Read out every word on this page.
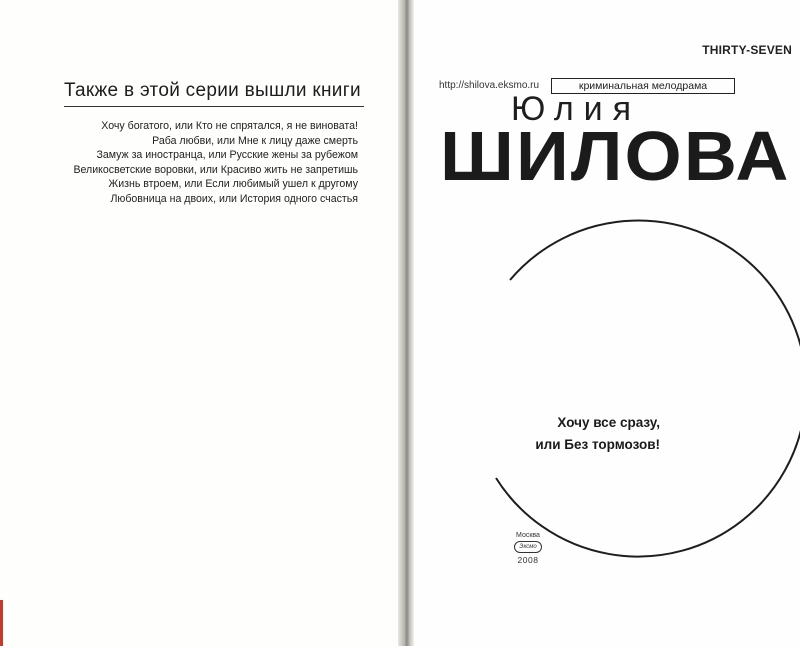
Также в этой серии вышли книги
Хочу богатого, или Кто не спрятался, я не виновата!
Раба любви, или Мне к лицу даже смерть
Замуж за иностранца, или Русские жены за рубежом
Великосветские воровки, или Красиво жить не запретишь
Жизнь втроем, или Если любимый ушел к другому
Любовница на двоих, или История одного счастья
THIRTY-SEVEN
http://shilova.eksmo.ru	криминальная мелодрама
Юлия
ШИЛОВА
Хочу все сразу,
или Без тормозов!
Москва
Эксмо
2008
